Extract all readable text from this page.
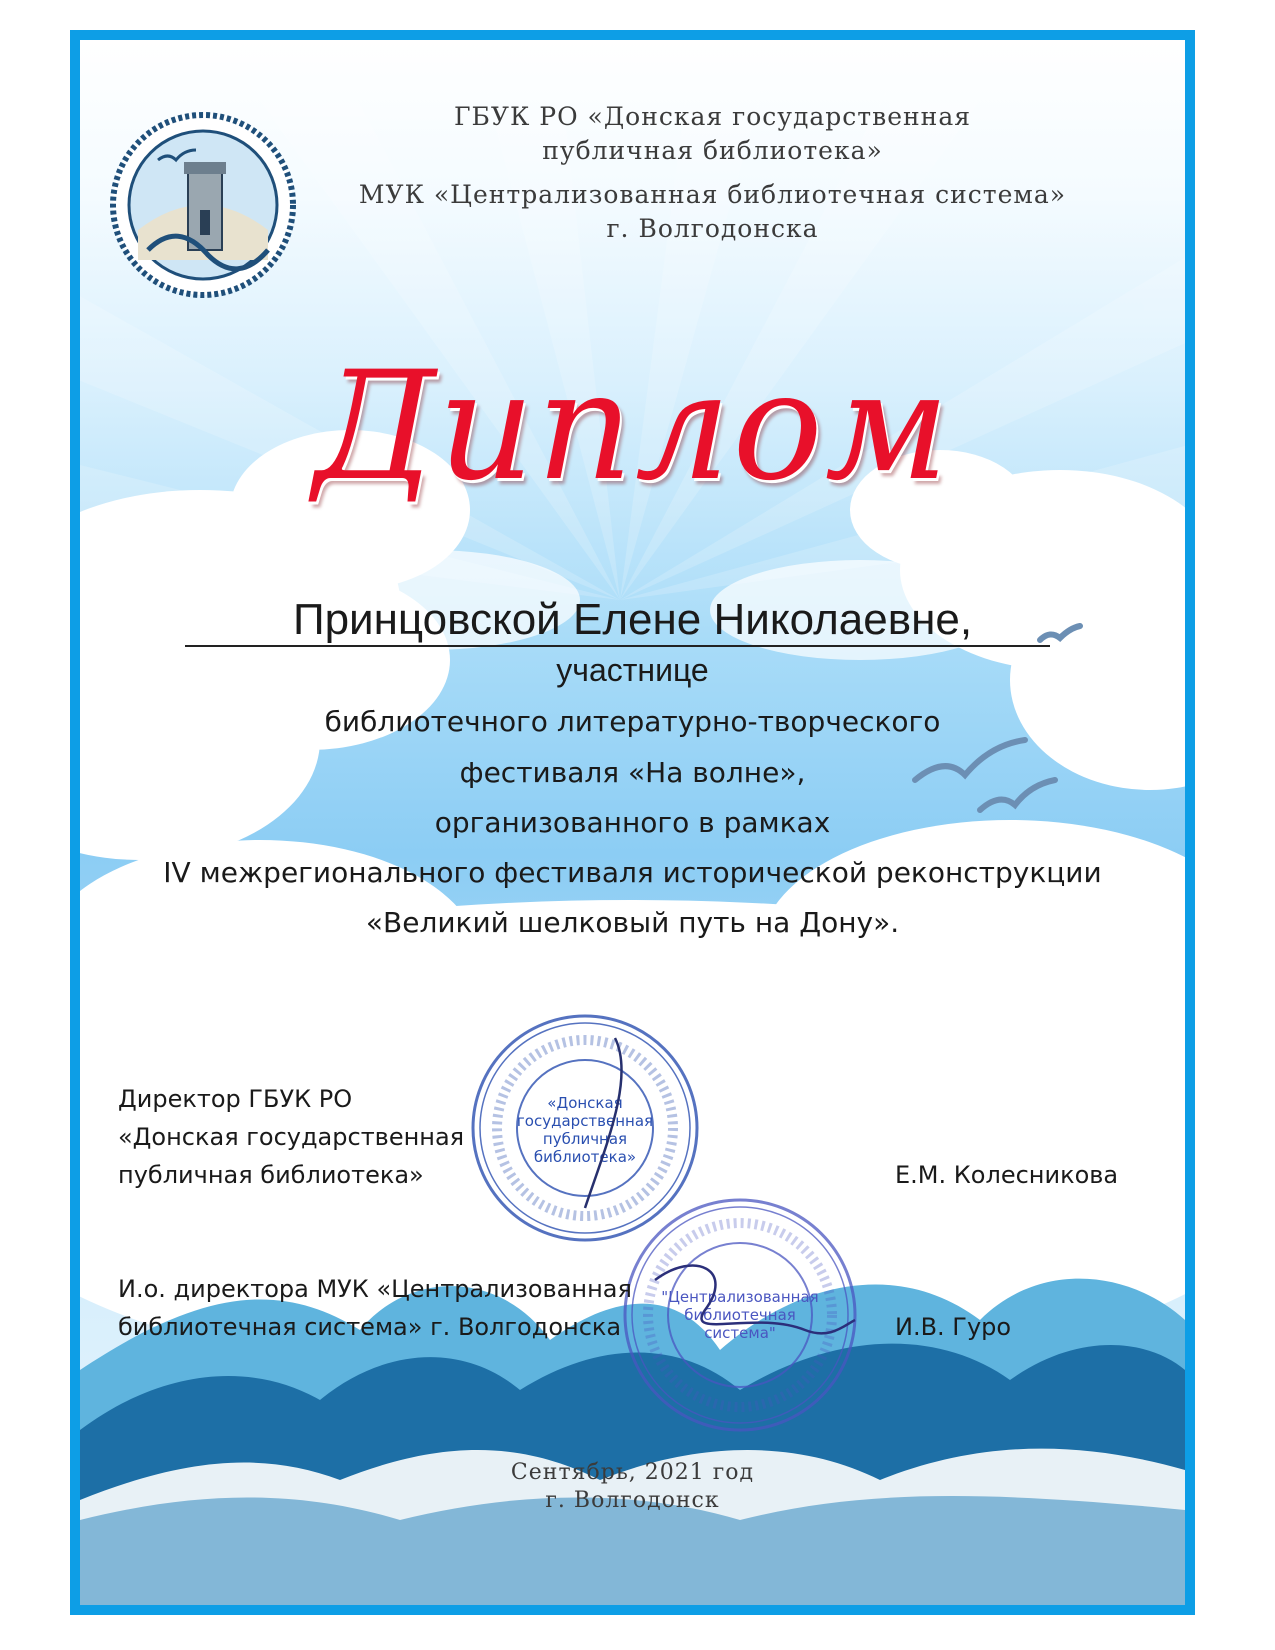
ГБУК РО «Донская государственная
публичная библиотека»
МУК «Централизованная библиотечная система»
г. Волгодонска
Диплом
Принцовской Елене Николаевне,
участнице
библиотечного литературно-творческого
фестиваля «На волне»,
организованного в рамках
IV межрегионального фестиваля исторической реконструкции
«Великий шелковый путь на Дону».
«Донская
государственная
публичная
библиотека»
"Централизованная
библиотечная
система"
Директор ГБУК РО
«Донская государственная
публичная библиотека»	Е.М. Колесникова
И.о. директора МУК «Централизованная
библиотечная система» г. Волгодонска	И.В. Гуро
Сентябрь, 2021 год
г. Волгодонск
